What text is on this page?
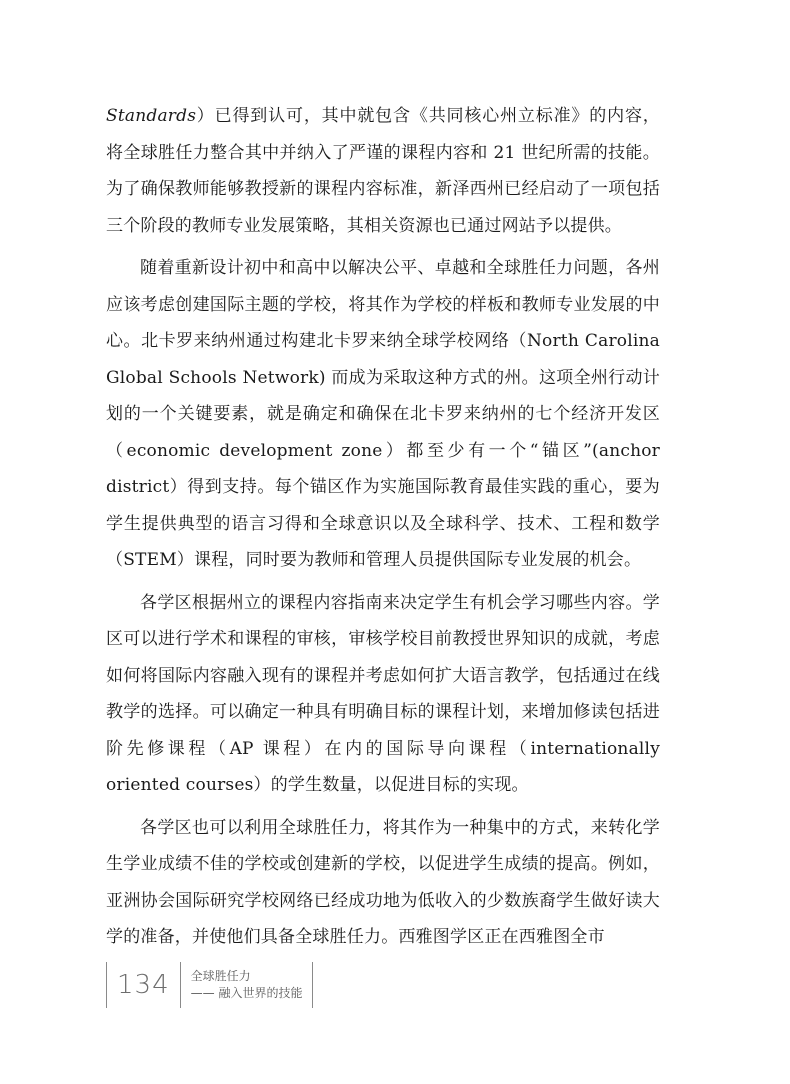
Standards）已得到认可，其中就包含《共同核心州立标准》的内容，将全球胜任力整合其中并纳入了严谨的课程内容和 21 世纪所需的技能。为了确保教师能够教授新的课程内容标准，新泽西州已经启动了一项包括三个阶段的教师专业发展策略，其相关资源也已通过网站予以提供。

随着重新设计初中和高中以解决公平、卓越和全球胜任力问题，各州应该考虑创建国际主题的学校，将其作为学校的样板和教师专业发展的中心。北卡罗来纳州通过构建北卡罗来纳全球学校网络（North Carolina Global Schools Network) 而成为采取这种方式的州。这项全州行动计划的一个关键要素，就是确定和确保在北卡罗来纳州的七个经济开发区（economic development zone）都至少有一个“锚区”(anchor district）得到支持。每个锚区作为实施国际教育最佳实践的重心，要为学生提供典型的语言习得和全球意识以及全球科学、技术、工程和数学（STEM）课程，同时要为教师和管理人员提供国际专业发展的机会。

各学区根据州立的课程内容指南来决定学生有机会学习哪些内容。学区可以进行学术和课程的审核，审核学校目前教授世界知识的成就，考虑如何将国际内容融入现有的课程并考虑如何扩大语言教学，包括通过在线教学的选择。可以确定一种具有明确目标的课程计划，来增加修读包括进阶先修课程（AP 课程）在内的国际导向课程（internationally oriented courses）的学生数量，以促进目标的实现。

各学区也可以利用全球胜任力，将其作为一种集中的方式，来转化学生学业成绩不佳的学校或创建新的学校，以促进学生成绩的提高。例如，亚洲协会国际研究学校网络已经成功地为低收入的少数族裔学生做好读大学的准备，并使他们具备全球胜任力。西雅图学区正在西雅图全市

134	全球胜任力
—— 融入世界的技能
